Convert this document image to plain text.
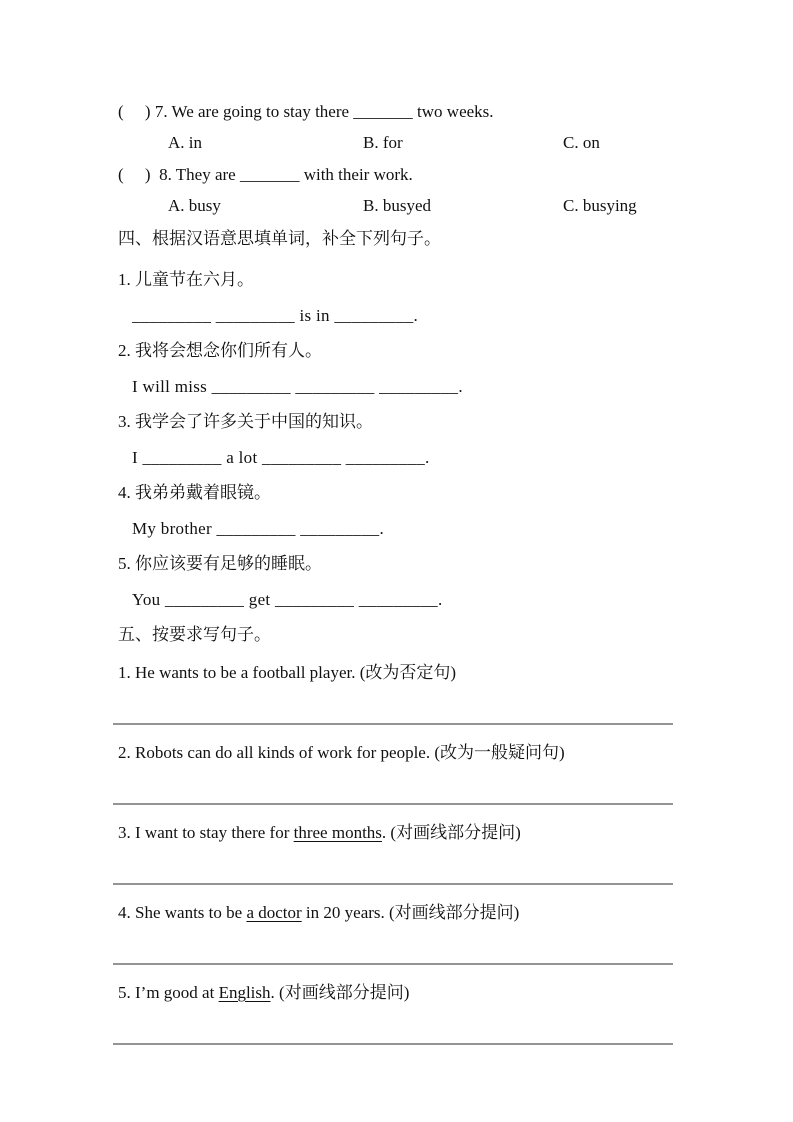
(     ) 7. We are going to stay there _______ two weeks.

A. in	B. for	C. on

(     )  8. They are _______ with their work.

A. busy	B. busyed	C. busying

四、根据汉语意思填单词，补全下列句子。

1. 儿童节在六月。

_________ _________ is in _________.

2. 我将会想念你们所有人。

I will miss _________ _________ _________.

3. 我学会了许多关于中国的知识。

I _________ a lot _________ _________.

4. 我弟弟戴着眼镜。

My brother _________ _________.

5. 你应该要有足够的睡眠。

You _________ get _________ _________.

五、按要求写句子。

1. He wants to be a football player. (改为否定句)

2. Robots can do all kinds of work for people. (改为一般疑问句)

3. I want to stay there for three months. (对画线部分提问)

4. She wants to be a doctor in 20 years. (对画线部分提问)

5. I’m good at English. (对画线部分提问)
